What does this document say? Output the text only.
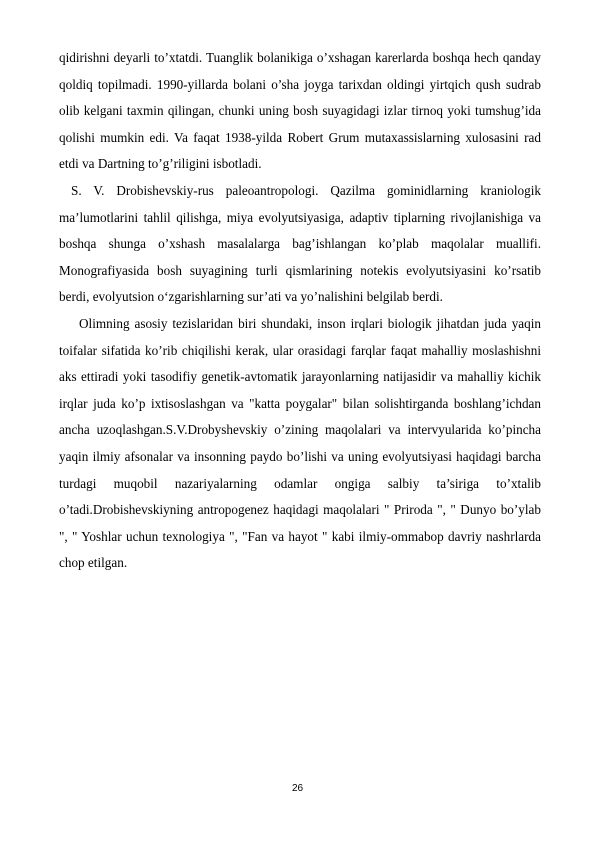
qidirishni deyarli to’xtatdi. Tuanglik bolanikiga o’xshagan karerlarda boshqa hech qanday qoldiq topilmadi. 1990-yillarda bolani o’sha joyga tarixdan oldingi yirtqich qush sudrab olib kelgani taxmin qilingan, chunki uning bosh suyagidagi izlar tirnoq yoki tumshug’ida qolishi mumkin edi. Va faqat 1938-yilda Robert Grum mutaxassislarning xulosasini rad etdi va Dartning to’g’riligini isbotladi.

S. V. Drobishevskiy-rus paleoantropologi. Qazilma gominidlarning kraniologik ma’lumotlarini tahlil qilishga, miya evolyutsiyasiga, adaptiv tiplarning rivojlanishiga va boshqa shunga o’xshash masalalarga bag’ishlangan ko’plab maqolalar muallifi. Monografiyasida bosh suyagining turli qismlarining notekis evolyutsiyasini ko’rsatib berdi, evolyutsion o‘zgarishlarning sur’ati va yo’nalishini belgilab berdi.

Olimning asosiy tezislaridan biri shundaki, inson irqlari biologik jihatdan juda yaqin toifalar sifatida ko’rib chiqilishi kerak, ular orasidagi farqlar faqat mahalliy moslashishni aks ettiradi yoki tasodifiy genetik-avtomatik jarayonlarning natijasidir va mahalliy kichik irqlar juda ko’p ixtisoslashgan va "katta poygalar" bilan solishtirganda boshlang’ichdan ancha uzoqlashgan.S.V.Drobyshevskiy o’zining maqolalari va intervyularida ko’pincha yaqin ilmiy afsonalar va insonning paydo bo’lishi va uning evolyutsiyasi haqidagi barcha turdagi muqobil nazariyalarning odamlar ongiga salbiy ta’siriga to’xtalib o’tadi.Drobishevskiyning antropogenez haqidagi maqolalari " Priroda ", " Dunyo bo’ylab ", " Yoshlar uchun texnologiya ", "Fan va hayot " kabi ilmiy-ommabop davriy nashrlarda chop etilgan.

26
